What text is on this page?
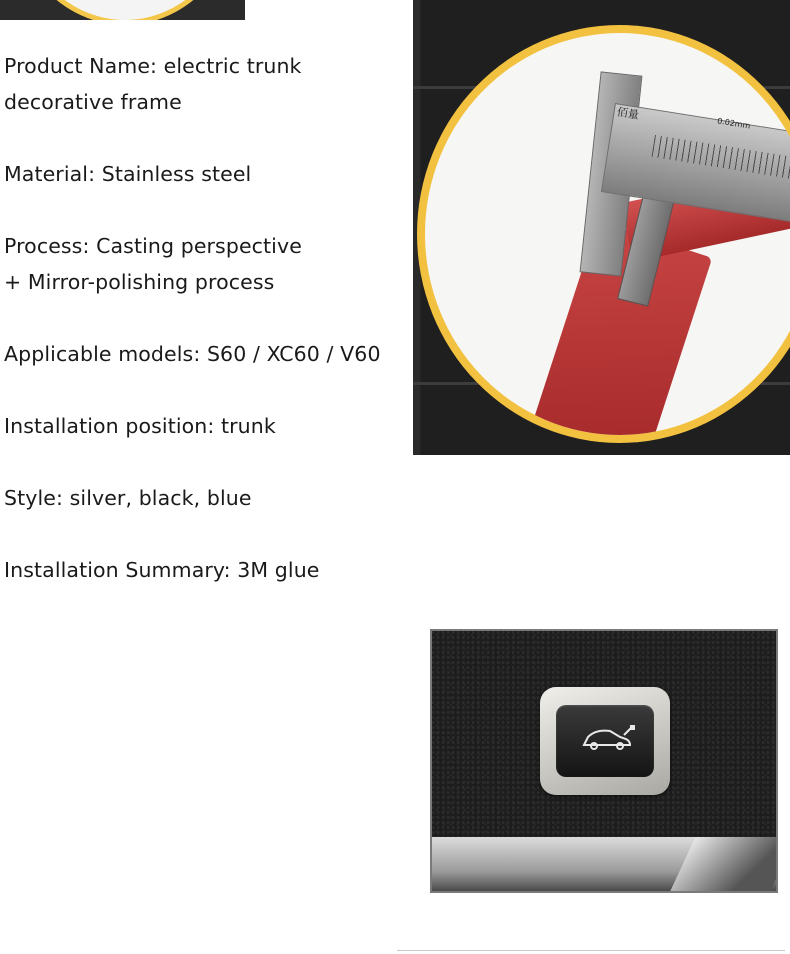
Product Name: electric trunk
decorative frame

Material: Stainless steel

Process: Casting perspective
+ Mirror-polishing process

Applicable models: S60 / XC60 / V60

Installation position: trunk

Style: silver, black, blue

Installation Summary: 3M glue

佰量
0.02mm
